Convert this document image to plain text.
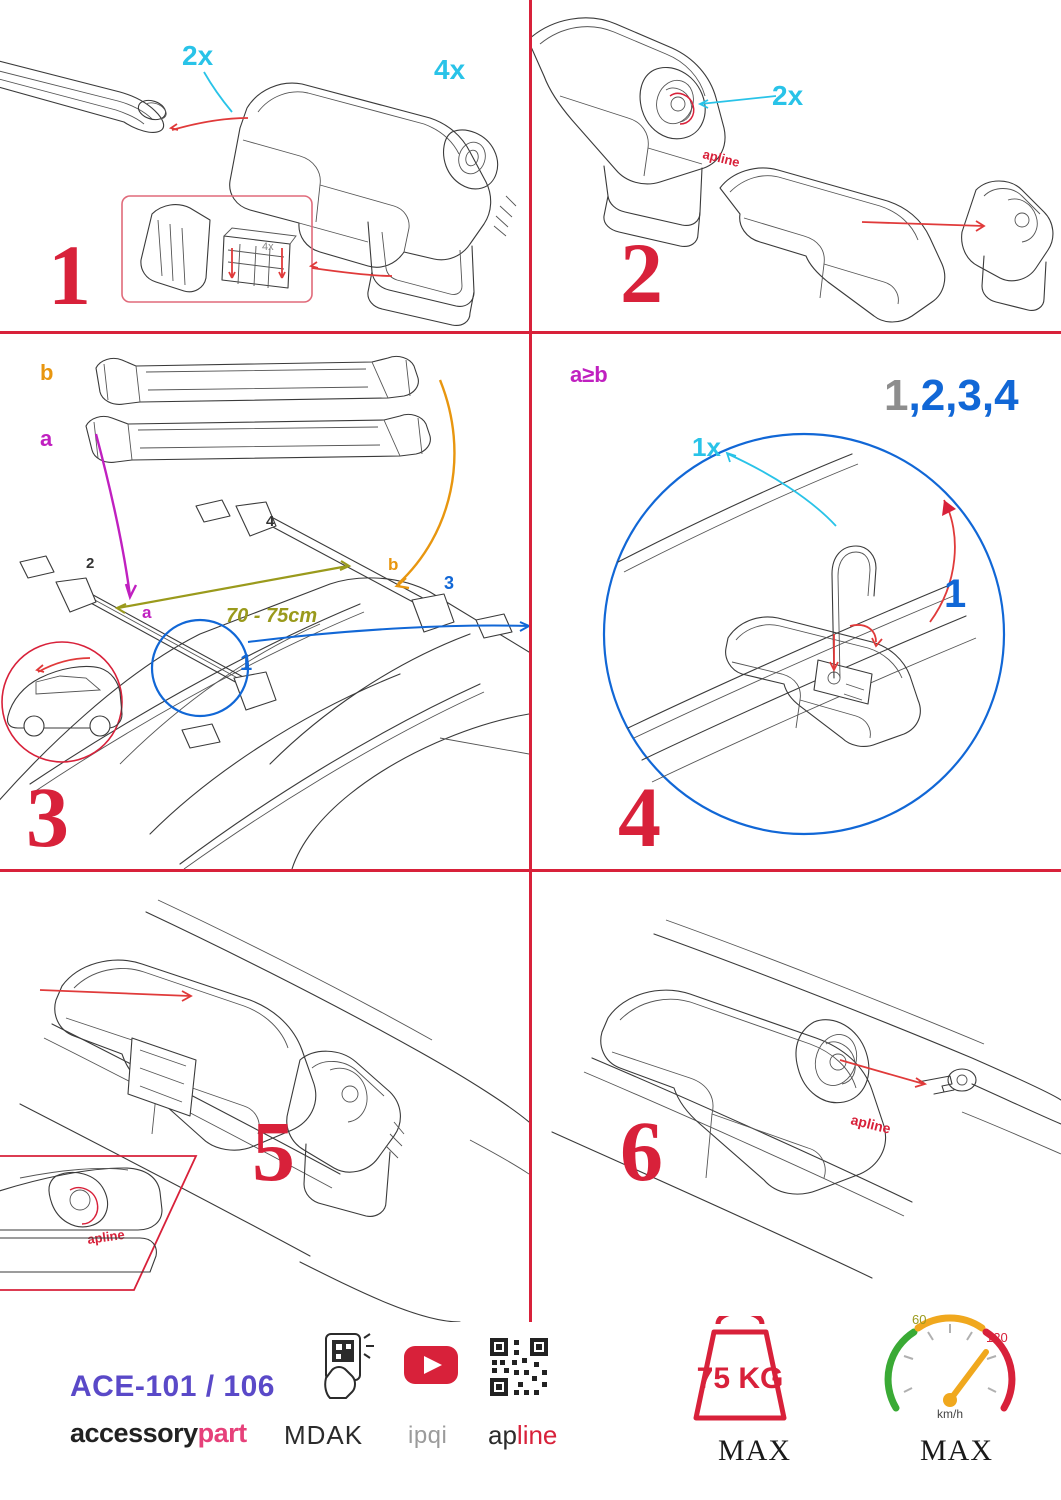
4x
2x	4x
1
apline
2x
2
b
a
a
b
70 - 75cm
1
2
3
4
3
a≥b
1x
1
1,2,3,4
4
apline
5	apline
6
ACE-101 / 106
accessorypart MDAK ipqi apline
75 KG
MAX
60
120
km/h
MAX
